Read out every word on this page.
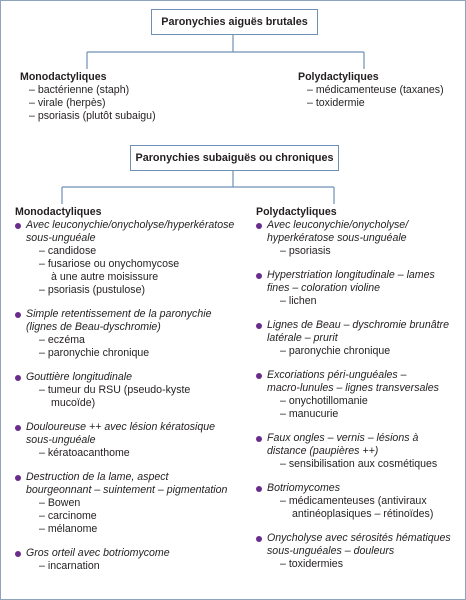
Paronychies aiguës brutales
Monodactyliques
– bactérienne (staph)
– virale (herpès)
– psoriasis (plutôt subaigu)
Polydactyliques
– médicamenteuse (taxanes)
– toxidermie
Paronychies subaiguës ou chroniques
Monodactyliques
Avec leuconychie/onycholyse/hyperkératose
sous-unguéale
– candidose
– fusariose ou onychomycose
à une autre moisissure
– psoriasis (pustulose)
Simple retentissement de la paronychie
(lignes de Beau-dyschromie)
– eczéma
– paronychie chronique
Gouttière longitudinale
– tumeur du RSU (pseudo-kyste
mucoïde)
Douloureuse ++ avec lésion kératosique
sous-unguéale
– kératoacanthome
Destruction de la lame, aspect
bourgeonnant – suintement – pigmentation
– Bowen
– carcinome
– mélanome
Gros orteil avec botriomycome
– incarnation
Polydactyliques
Avec leuconychie/onycholyse/
hyperkératose sous-unguéale
– psoriasis
Hyperstriation longitudinale – lames
fines – coloration violine
– lichen
Lignes de Beau – dyschromie brunâtre
latérale – prurit
– paronychie chronique
Excoriations péri-unguéales –
macro-lunules – lignes transversales
– onychotillomanie
– manucurie
Faux ongles – vernis – lésions à
distance (paupières ++)
– sensibilisation aux cosmétiques
Botriomycomes
– médicamenteuses (antiviraux
antinéoplasiques – rétinoïdes)
Onycholyse avec sérosités hématiques
sous-unguéales – douleurs
– toxidermies
